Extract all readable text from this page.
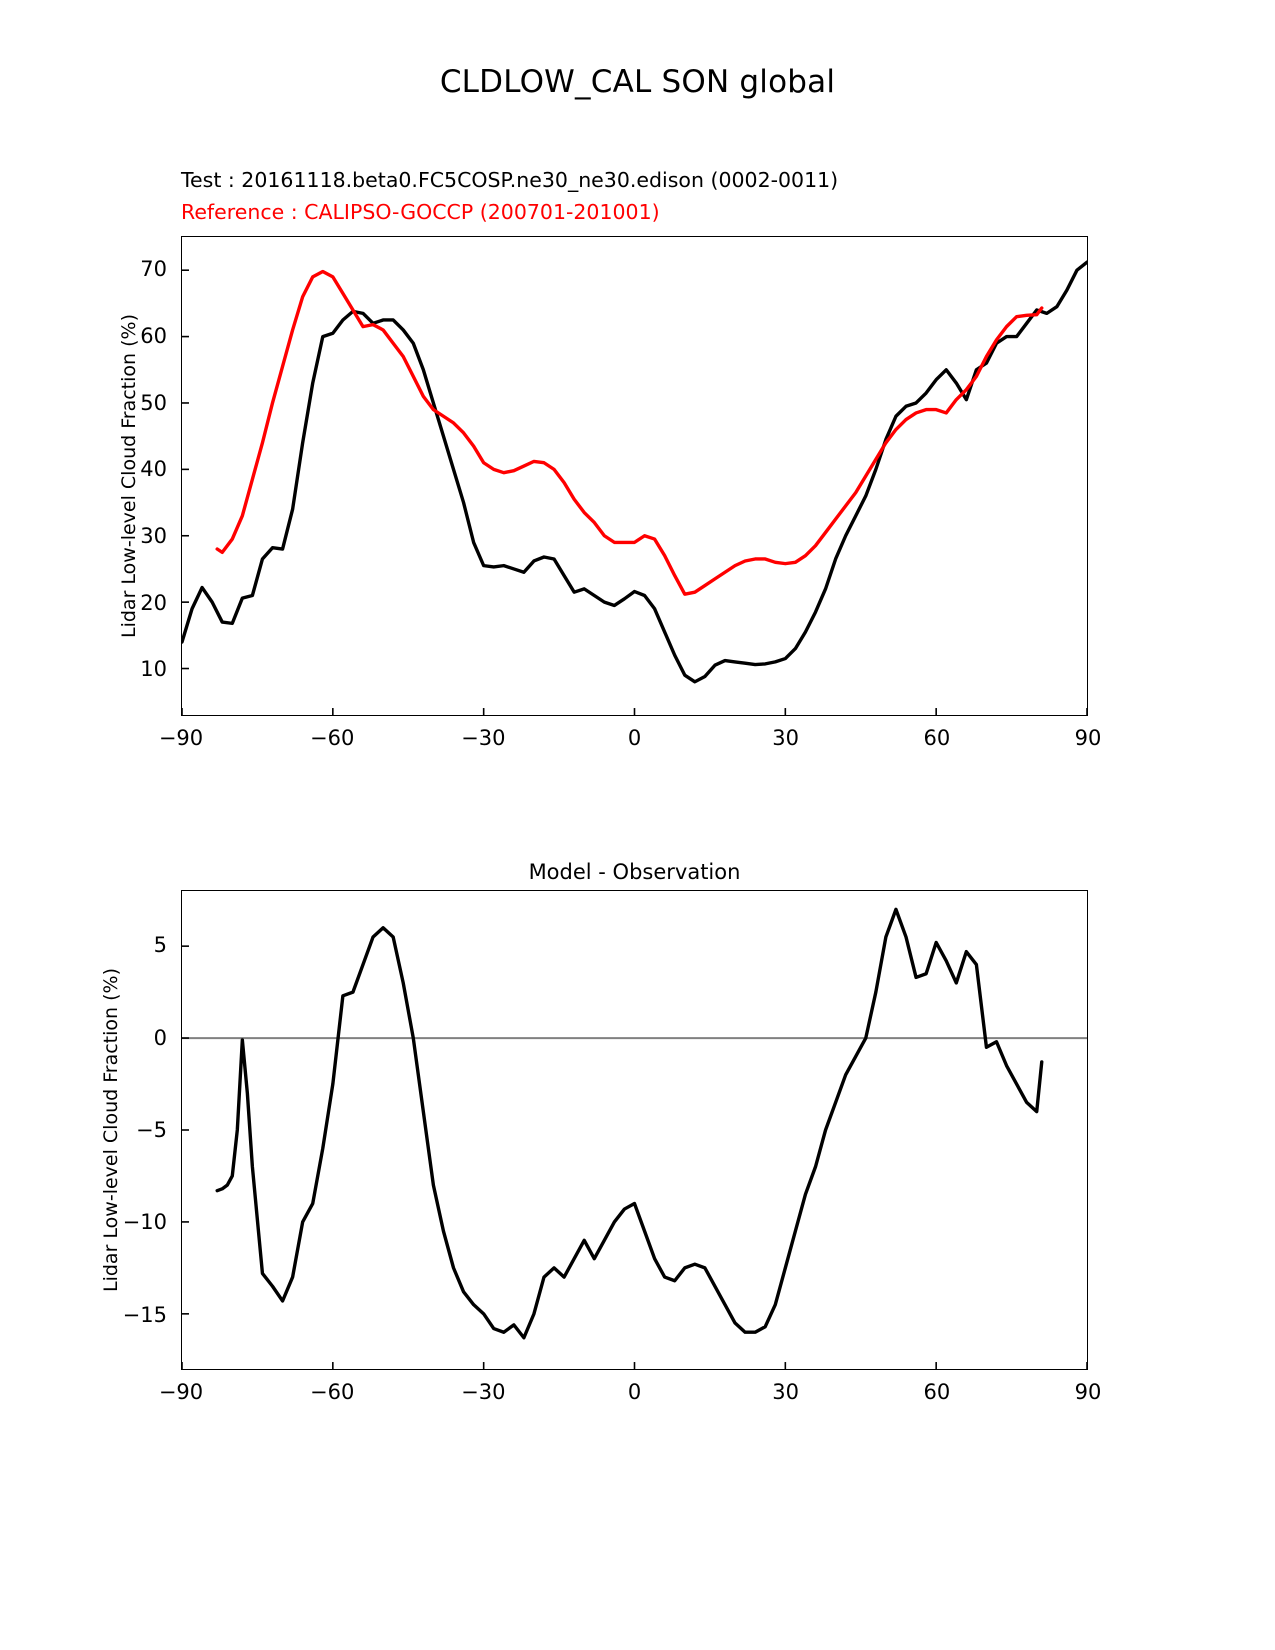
CLDLOW_CAL SON global
Test : 20161118.beta0.FC5COSP.ne30_ne30.edison (0002-0011)
Reference : CALIPSO-GOCCP (200701-201001)
Model - Observation
Lidar Low-level Cloud Fraction (%)
Lidar Low-level Cloud Fraction (%)
−90	−60	−30	0	30	60	90
10
20
30
40
50
60
70
−90	−60	−30	0	30	60	90
−15
−10
−5
0
5
